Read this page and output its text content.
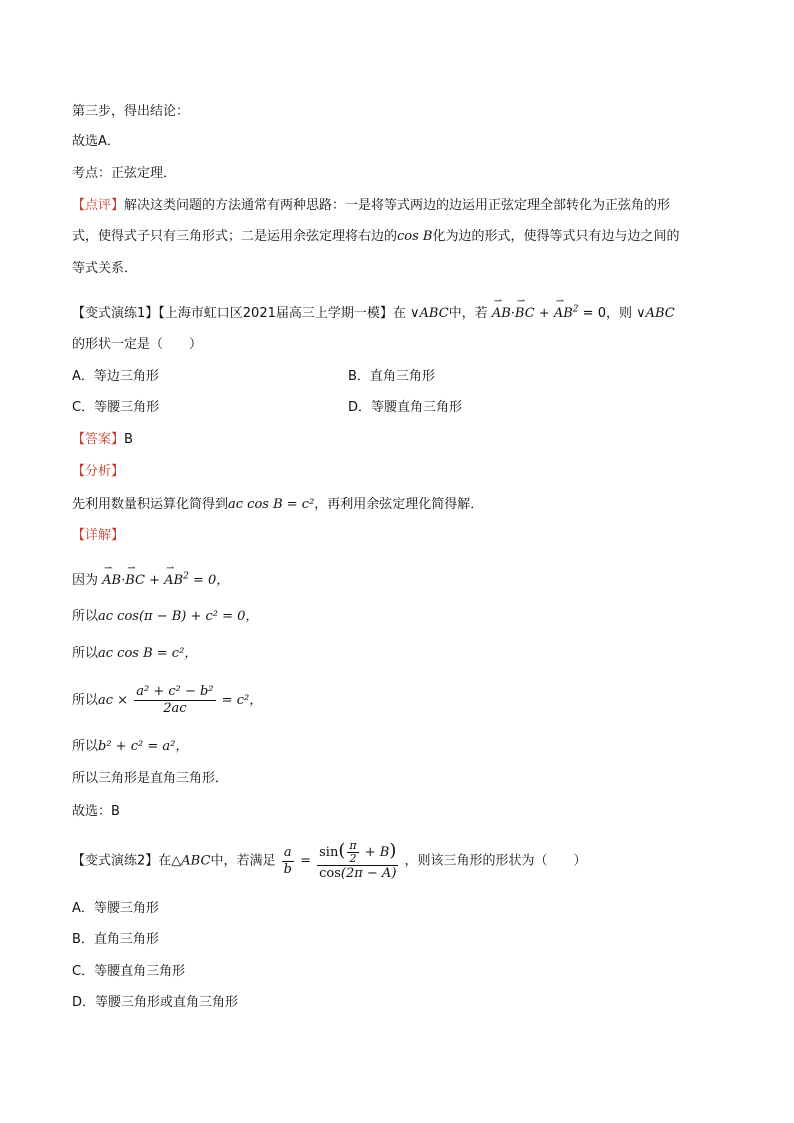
第三步，得出结论：
故选A．
考点：正弦定理．
【点评】解决这类问题的方法通常有两种思路：一是将等式两边的边运用正弦定理全部转化为正弦角的形
式，使得式子只有三角形式；二是运用余弦定理将右边的cos B化为边的形式，使得等式只有边与边之间的
等式关系．
【变式演练1】【上海市虹口区2021届高三上学期一模】在 ∨ABC中，若 ⇀ AB·⇀ BC + ⇀ $AB^2 = 0$，则 ∨ABC
的形状一定是（　　）
A．等边三角形	B．直角三角形
C．等腰三角形	D．等腰直角三角形
【答案】B
【分析】
先利用数量积运算化简得到ac cos B = c²，再利用余弦定理化简得解．
【详解】
因为 ⇀ AB·⇀ BC + ⇀ $AB^2 = 0$，
所以ac cos(π − B) + c² = 0，
所以ac cos B = c²，
所以ac × $\frac{\text{a² + c² − b²}}{2ac} = c^2$，
所以b² + c² = a²，
所以三角形是直角三角形．
故选：B
【变式演练2】在△ABC中，若满足 $\frac{a}{b} = \frac{\sin( \frac{\pi}{2} + B)}{\cos(2\pi - A)}$ ，则该三角形的形状为（　　）
A．等腰三角形
B．直角三角形
C．等腰直角三角形
D．等腰三角形或直角三角形
